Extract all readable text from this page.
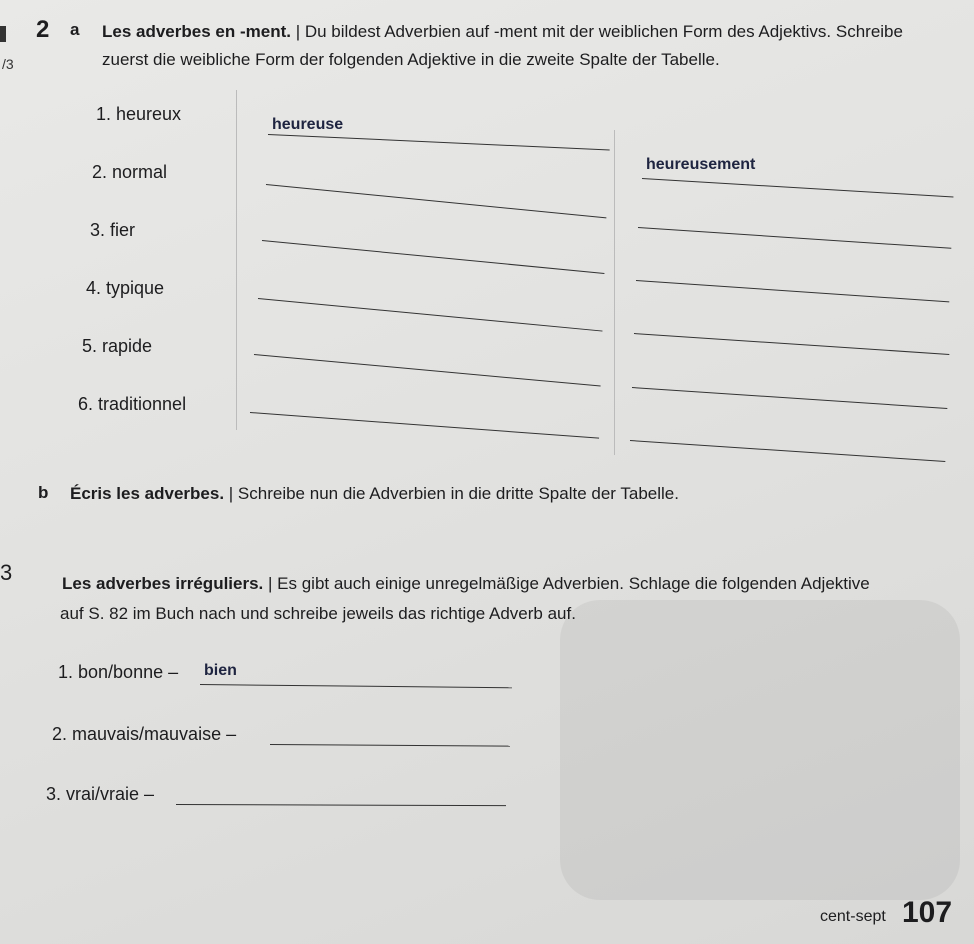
/3
2 a Les adverbes en -ment. | Du bildest Adverbien auf -ment mit der weiblichen Form des Adjektivs. Schreibe
zuerst die weibliche Form der folgenden Adjektive in die zweite Spalte der Tabelle.
1. heureux
heureuse
heureusement
2. normal
3. fier
4. typique
5. rapide
6. traditionnel
b Écris les adverbes. | Schreibe nun die Adverbien in die dritte Spalte der Tabelle.
3	Les adverbes irréguliers. | Es gibt auch einige unregelmäßige Adverbien. Schlage die folgenden Adjektive
auf S. 82 im Buch nach und schreibe jeweils das richtige Adverb auf.
1. bon/bonne – bien
2. mauvais/mauvaise –
3. vrai/vraie –
cent-sept 107
